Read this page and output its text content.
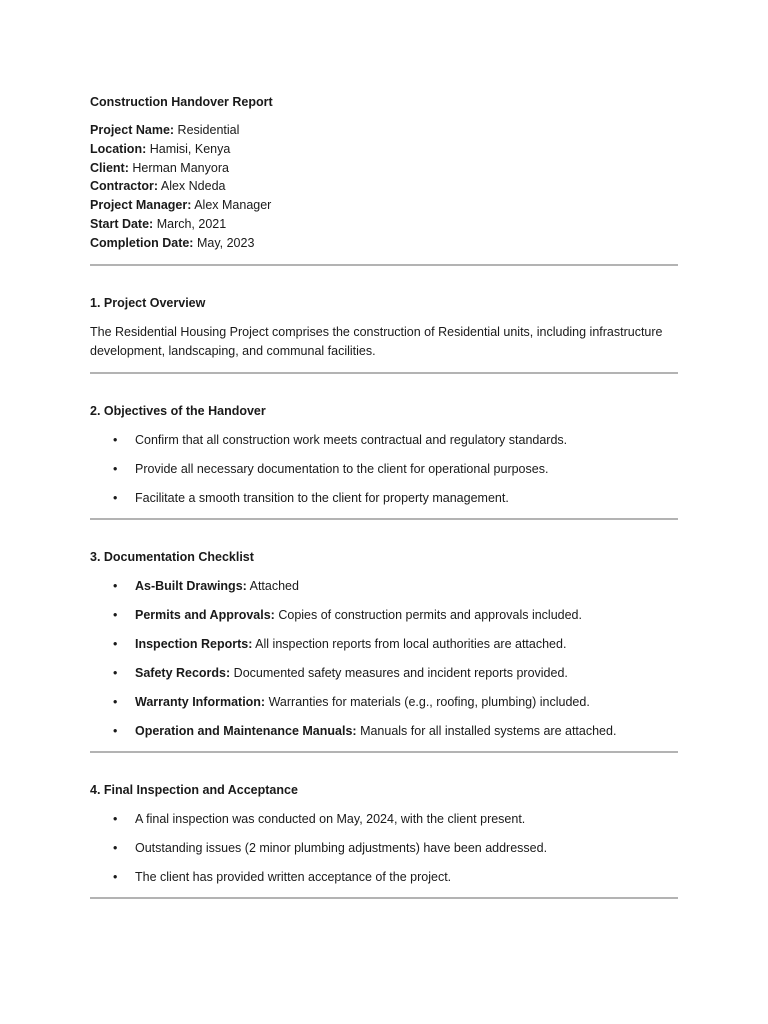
Construction Handover Report
Project Name: Residential
Location: Hamisi, Kenya
Client: Herman Manyora
Contractor: Alex Ndeda
Project Manager: Alex Manager
Start Date: March, 2021
Completion Date: May, 2023
1. Project Overview

The Residential Housing Project comprises the construction of Residential units, including infrastructure development, landscaping, and communal facilities.

2. Objectives of the Handover
• Confirm that all construction work meets contractual and regulatory standards.
• Provide all necessary documentation to the client for operational purposes.
• Facilitate a smooth transition to the client for property management.
3. Documentation Checklist
• As-Built Drawings: Attached
• Permits and Approvals: Copies of construction permits and approvals included.
• Inspection Reports: All inspection reports from local authorities are attached.
• Safety Records: Documented safety measures and incident reports provided.
• Warranty Information: Warranties for materials (e.g., roofing, plumbing) included.
• Operation and Maintenance Manuals: Manuals for all installed systems are attached.
4. Final Inspection and Acceptance
• A final inspection was conducted on May, 2024, with the client present.
• Outstanding issues (2 minor plumbing adjustments) have been addressed.
• The client has provided written acceptance of the project.
